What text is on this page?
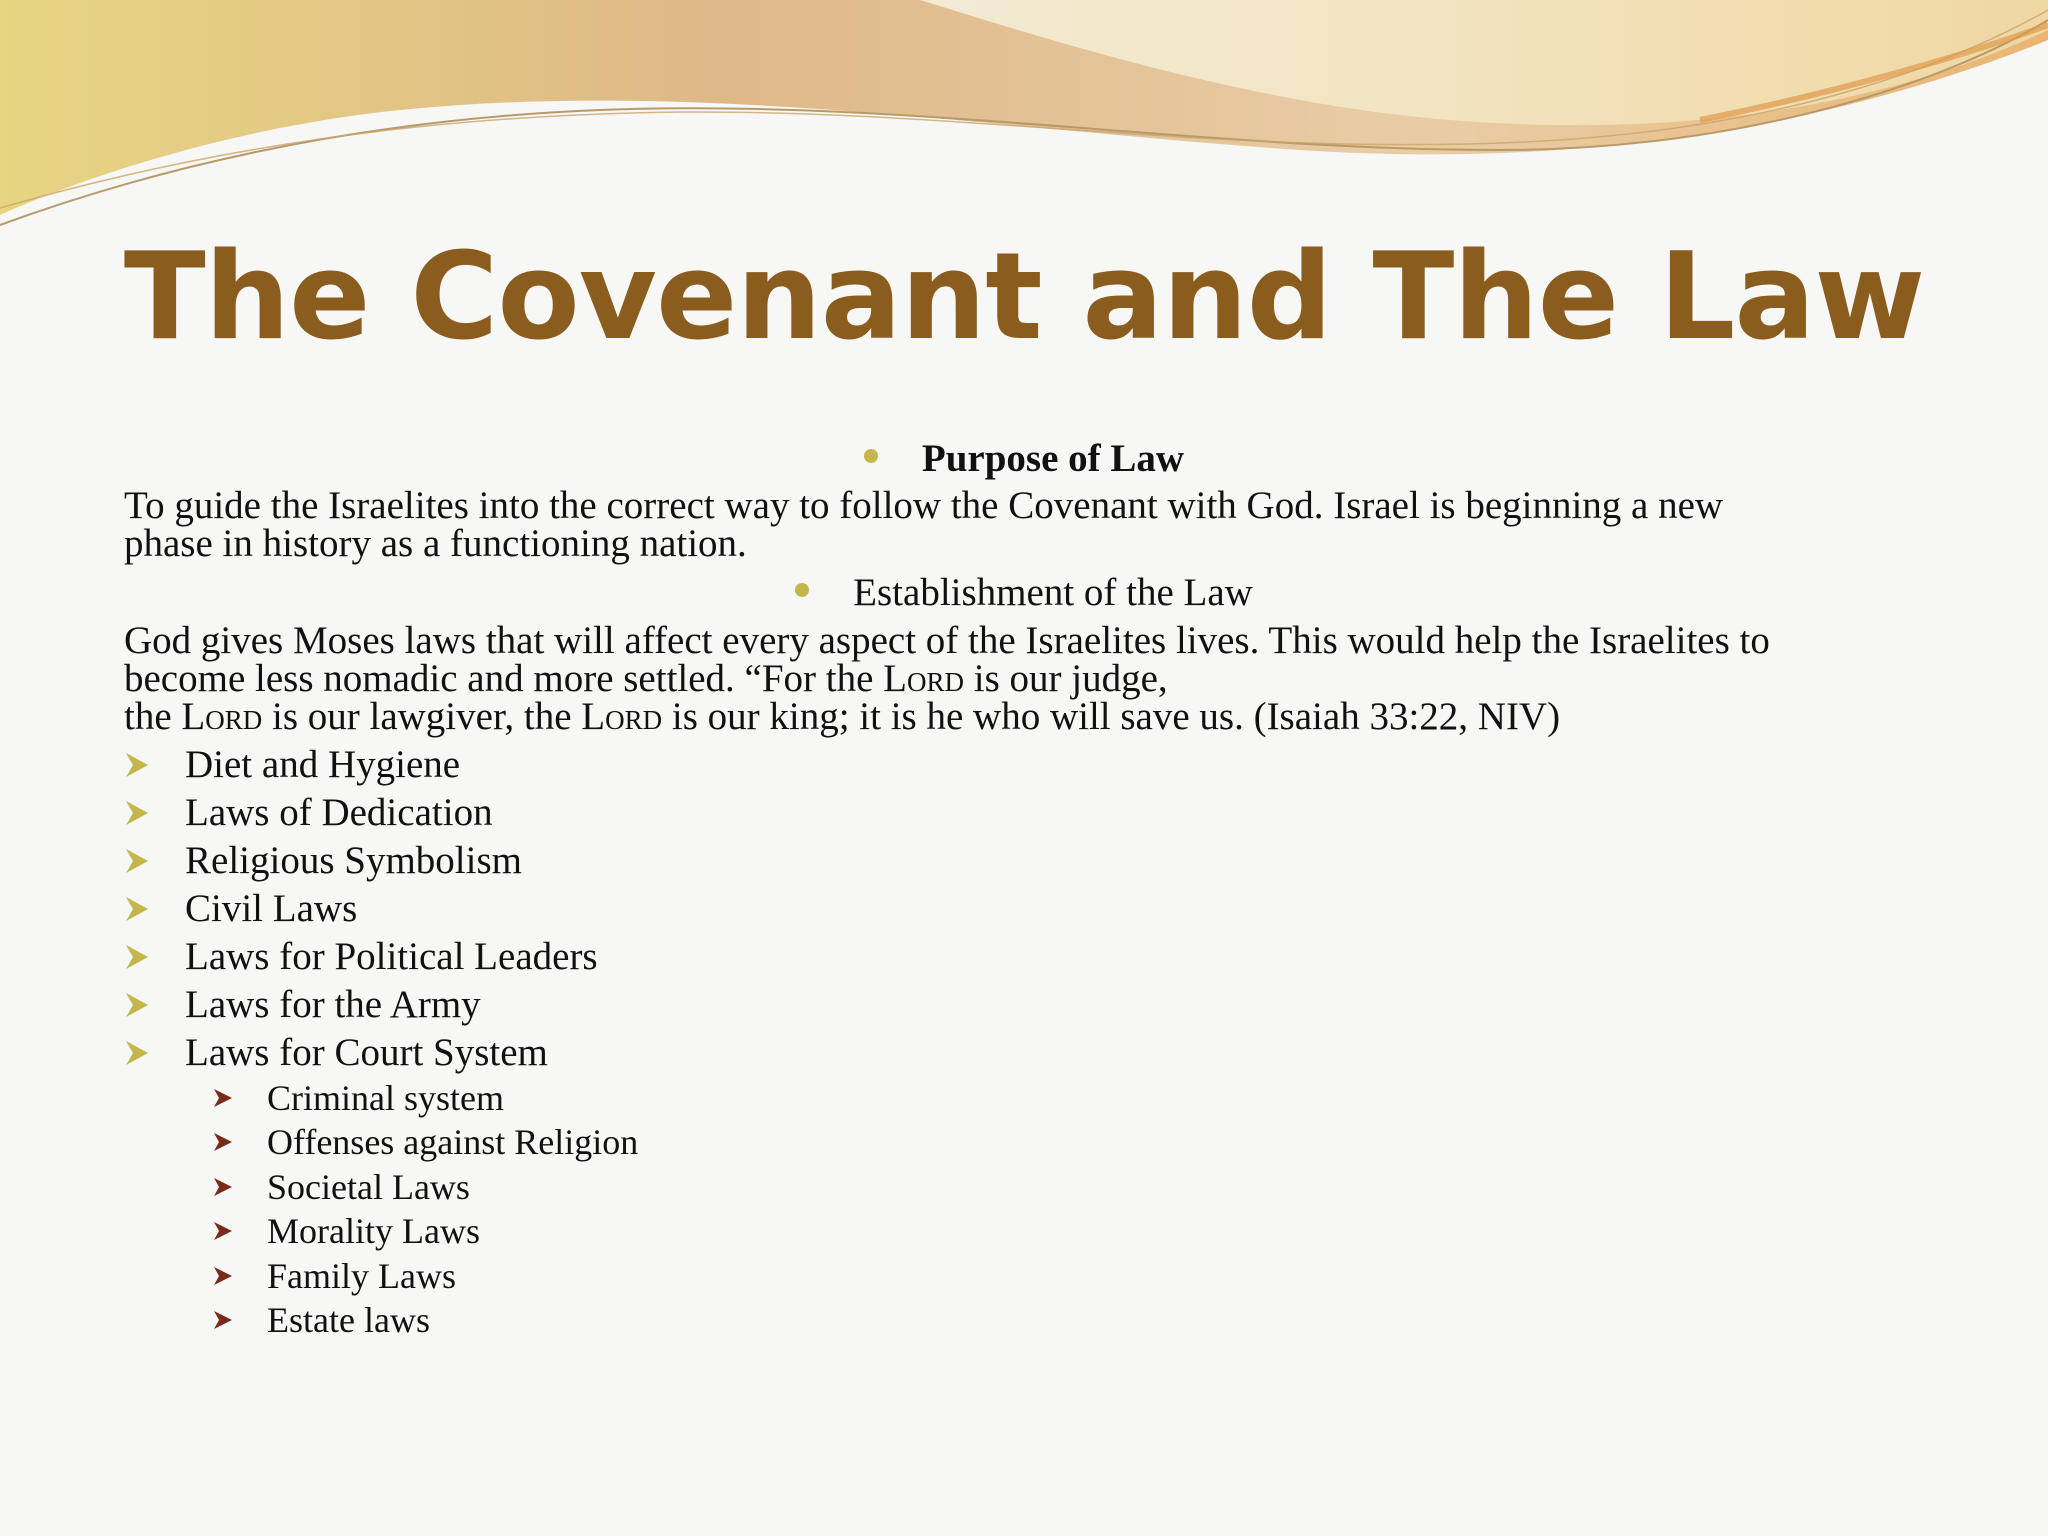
The Covenant and The Law
Purpose of Law

To guide the Israelites into the correct way to follow the Covenant with God. Israel is beginning a new
phase in history as a functioning nation.

Establishment of the Law

God gives Moses laws that will affect every aspect of the Israelites lives. This would help the Israelites to
become less nomadic and more settled. “For the Lord is our judge,
the Lord is our lawgiver, the Lord is our king; it is he who will save us. (Isaiah 33:22, NIV)

Diet and Hygiene
Laws of Dedication
Religious Symbolism
Civil Laws
Laws for Political Leaders
Laws for the Army
Laws for Court System
Criminal system
Offenses against Religion
Societal Laws
Morality Laws
Family Laws
Estate laws
